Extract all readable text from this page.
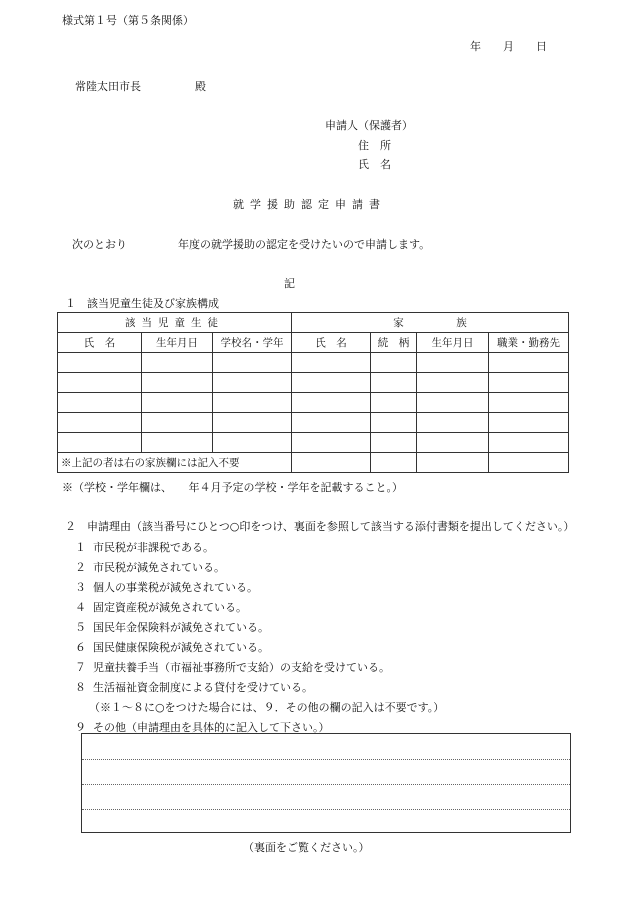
様式第１号（第５条関係）
年　　月　　日
常陸太田市長	殿
申請人（保護者）
住　所
氏　名
就学援助認定申請書
次のとおり	年度の就学援助の認定を受けたいので申請します。
記
１　該当児童生徒及び家族構成
該当児童生徒			家　　　　　族			
氏　名	生年月日	学校名・学年	氏　名	続　柄	生年月日	職業・勤務先

※上記の者は右の家族欄には記入不要						
※（学校・学年欄は、　　年４月予定の学校・学年を記載すること。）
２　申請理由（該当番号にひとつ○印をつけ、裏面を参照して該当する添付書類を提出してください。）
１ 市民税が非課税である。
２ 市民税が減免されている。
３ 個人の事業税が減免されている。
４ 固定資産税が減免されている。
５ 国民年金保険料が減免されている。
６ 国民健康保険税が減免されている。
７ 児童扶養手当（市福祉事務所で支給）の支給を受けている。
８ 生活福祉資金制度による貸付を受けている。
（※１～８に○をつけた場合には、９．その他の欄の記入は不要です。）
９ その他（申請理由を具体的に記入して下さい。）
（裏面をご覧ください。）
